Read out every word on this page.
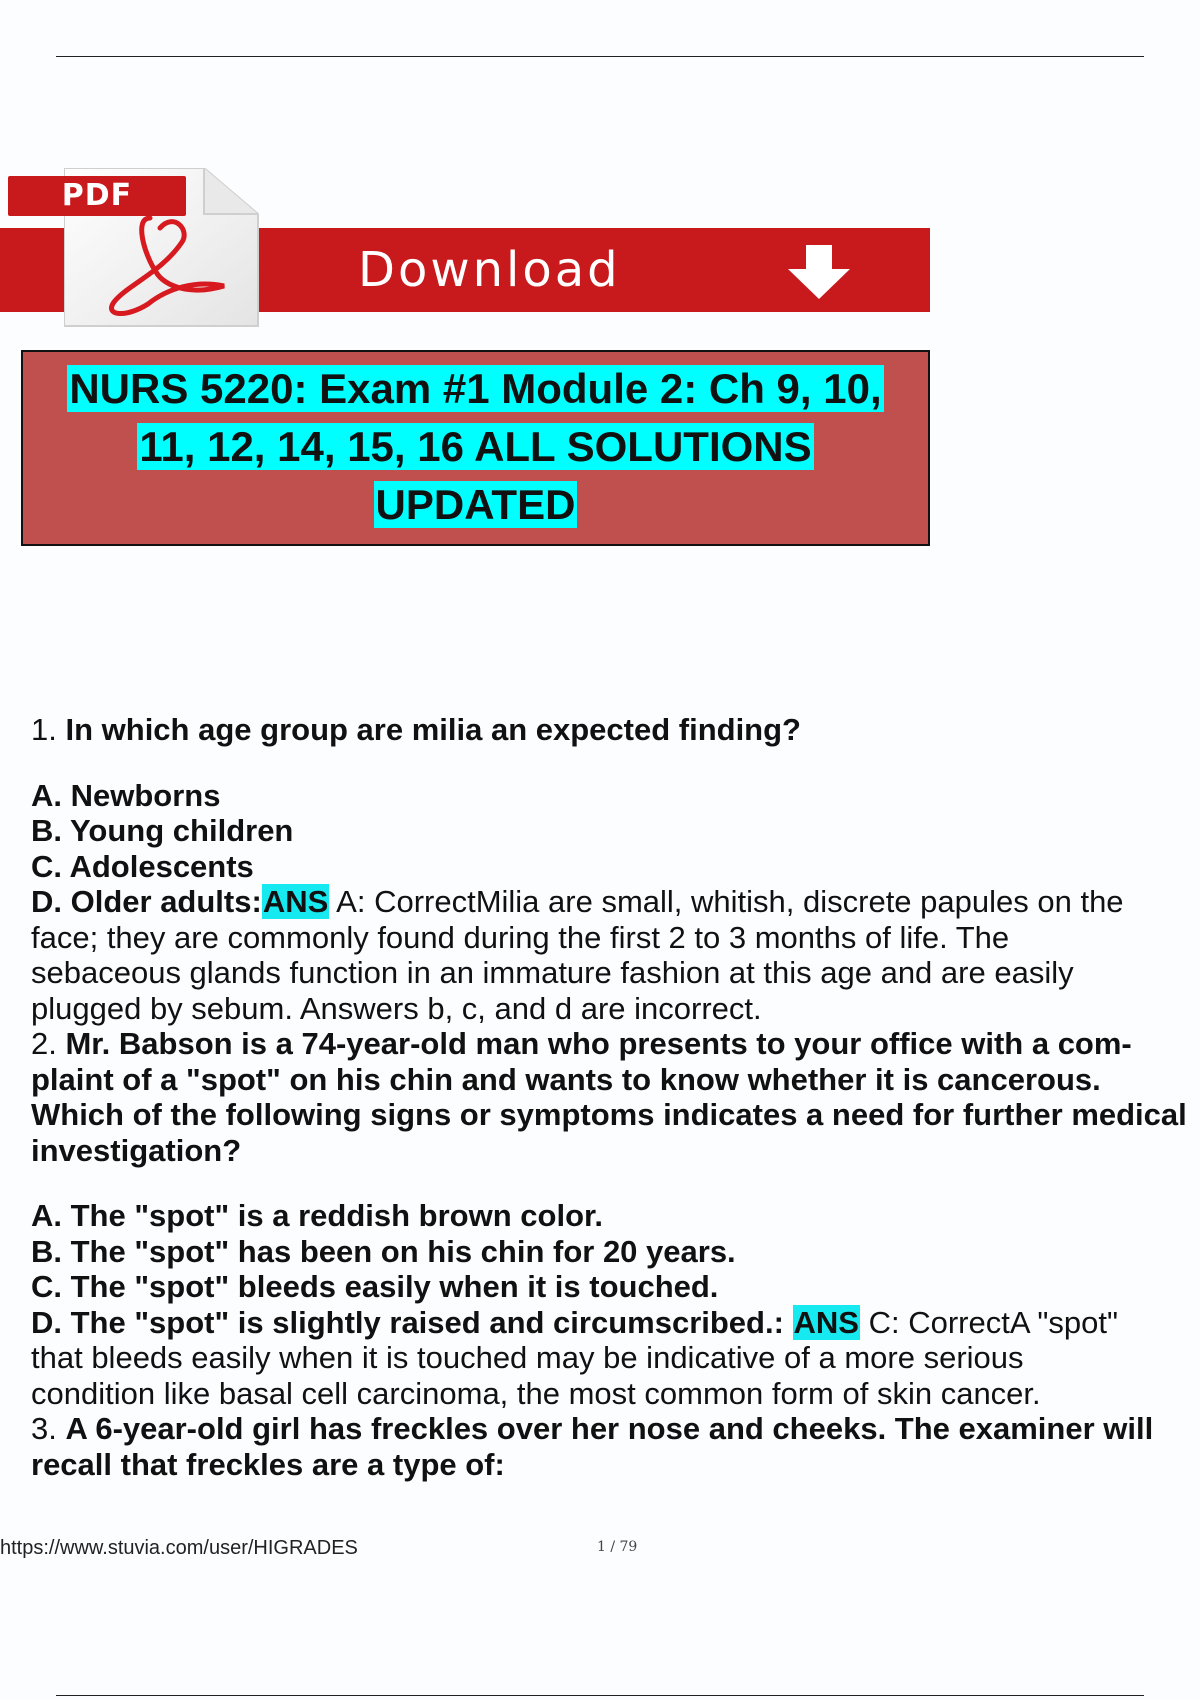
Download
PDF
NURS 5220: Exam #1 Module 2: Ch 9, 10,
11, 12, 14, 15, 16 ALL SOLUTIONS
UPDATED

1. In which age group are milia an expected finding?

A. Newborns

B. Young children

C. Adolescents

D. Older adults:ANS A: CorrectMilia are small, whitish, discrete papules on the

face; they are commonly found during the first 2 to 3 months of life. The

sebaceous glands function in an immature fashion at this age and are easily

plugged by sebum. Answers b, c, and d are incorrect.

2. Mr. Babson is a 74-year-old man who presents to your office with a com-

plaint of a "spot" on his chin and wants to know whether it is cancerous.

Which of the following signs or symptoms indicates a need for further medical

investigation?

A. The "spot" is a reddish brown color.

B. The "spot" has been on his chin for 20 years.

C. The "spot" bleeds easily when it is touched.

D. The "spot" is slightly raised and circumscribed.: ANS C: CorrectA "spot"

that bleeds easily when it is touched may be indicative of a more serious

condition like basal cell carcinoma, the most common form of skin cancer.

3. A 6-year-old girl has freckles over her nose and cheeks. The examiner will

recall that freckles are a type of:

https://www.stuvia.com/user/HIGRADES	1 / 79
